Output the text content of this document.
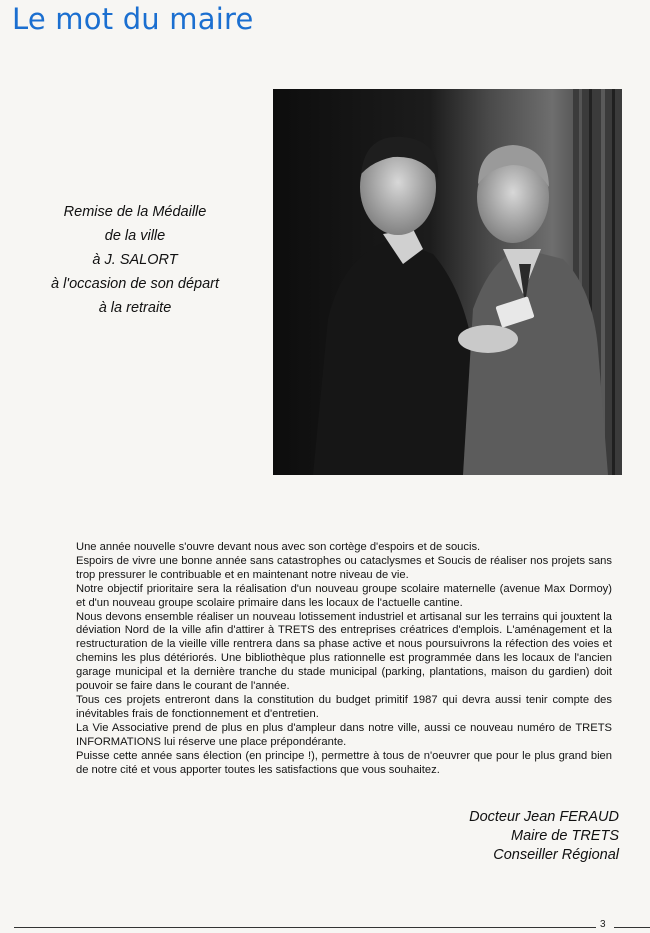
Le mot du maire
Remise de la Médaille
de la ville
à J. SALORT
à l'occasion de son départ
à la retraite

Une année nouvelle s'ouvre devant nous avec son cortège d'espoirs et de soucis.

Espoirs de vivre une bonne année sans catastrophes ou cataclysmes et Soucis de réaliser nos projets sans trop pressurer le contribuable et en maintenant notre niveau de vie.

Notre objectif prioritaire sera la réalisation d'un nouveau groupe scolaire maternelle (avenue Max Dormoy) et d'un nouveau groupe scolaire primaire dans les locaux de l'actuelle cantine.

Nous devons ensemble réaliser un nouveau lotissement industriel et artisanal sur les terrains qui jouxtent la déviation Nord de la ville afin d'attirer à TRETS des entreprises créatrices d'emplois. L'aménagement et la restructuration de la vieille ville rentrera dans sa phase active et nous poursuivrons la réfection des voies et chemins les plus détériorés. Une bibliothèque plus rationnelle est programmée dans les locaux de l'ancien garage municipal et la dernière tranche du stade municipal (parking, plantations, maison du gardien) doit pouvoir se faire dans le courant de l'année.

Tous ces projets entreront dans la constitution du budget primitif 1987 qui devra aussi tenir compte des inévitables frais de fonctionnement et d'entretien.

La Vie Associative prend de plus en plus d'ampleur dans notre ville, aussi ce nouveau numéro de TRETS INFORMATIONS lui réserve une place prépondérante.

Puisse cette année sans élection (en principe !), permettre à tous de n'oeuvrer que pour le plus grand bien de notre cité et vous apporter toutes les satisfactions que vous souhaitez.

Docteur Jean FERAUD
Maire de TRETS
Conseiller Régional
3
